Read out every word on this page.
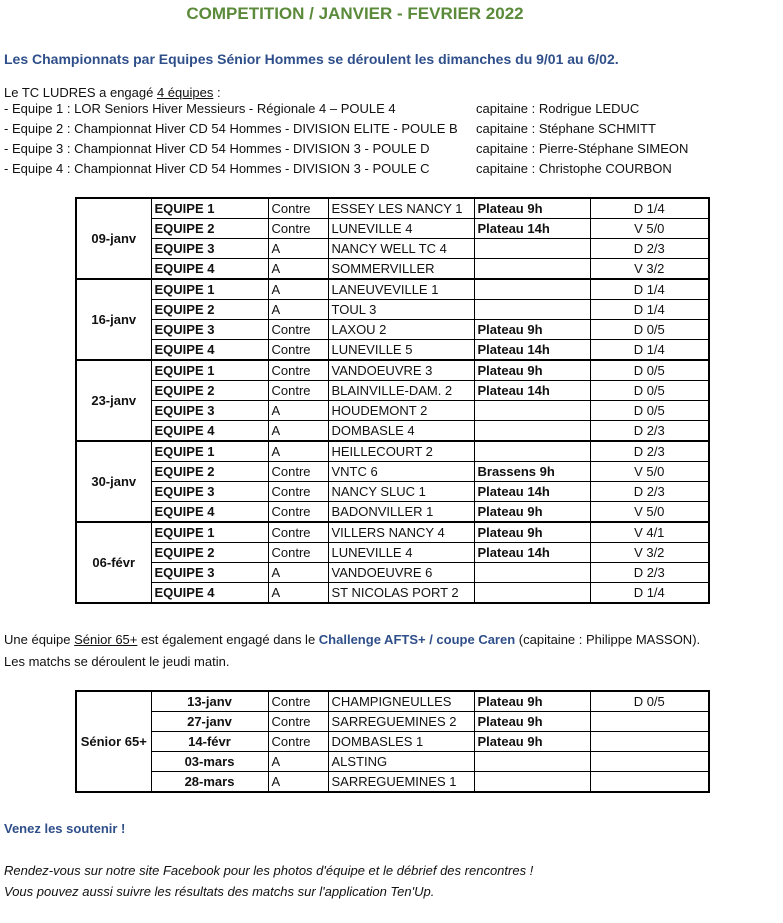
COMPETITION / JANVIER - FEVRIER 2022
Les Championnats par Equipes Sénior Hommes se déroulent les dimanches du 9/01 au 6/02.
Le TC LUDRES a engagé 4 équipes :
- Equipe 1 : LOR Seniors Hiver Messieurs - Régionale 4 – POULE 4	capitaine : Rodrigue LEDUC
- Equipe 2 : Championnat Hiver CD 54 Hommes - DIVISION ELITE - POULE B capitaine : Stéphane SCHMITT
- Equipe 3 : Championnat Hiver CD 54 Hommes - DIVISION 3 - POULE D	capitaine : Pierre-Stéphane SIMEON
- Equipe 4 : Championnat Hiver CD 54 Hommes - DIVISION 3 - POULE C	capitaine : Christophe COURBON
09-janv	EQUIPE 1	Contre	ESSEY LES NANCY 1	Plateau 9h	D 1/4
	EQUIPE 2	Contre	LUNEVILLE 4	Plateau 14h	V 5/0
	EQUIPE 3	A	NANCY WELL TC 4		D 2/3
	EQUIPE 4	A	SOMMERVILLER		V 3/2
16-janv	EQUIPE 1	A	LANEUVEVILLE 1		D 1/4
	EQUIPE 2	A	TOUL 3		D 1/4
	EQUIPE 3	Contre	LAXOU 2	Plateau 9h	D 0/5
	EQUIPE 4	Contre	LUNEVILLE 5	Plateau 14h	D 1/4
23-janv	EQUIPE 1	Contre	VANDOEUVRE 3	Plateau 9h	D 0/5
	EQUIPE 2	Contre	BLAINVILLE-DAM. 2	Plateau 14h	D 0/5
	EQUIPE 3	A	HOUDEMONT 2		D 0/5
	EQUIPE 4	A	DOMBASLE 4		D 2/3
30-janv	EQUIPE 1	A	HEILLECOURT 2		D 2/3
	EQUIPE 2	Contre	VNTC 6	Brassens 9h	V 5/0
	EQUIPE 3	Contre	NANCY SLUC 1	Plateau 14h	D 2/3
	EQUIPE 4	Contre	BADONVILLER 1	Plateau 9h	V 5/0
06-févr	EQUIPE 1	Contre	VILLERS NANCY 4	Plateau 9h	V 4/1
	EQUIPE 2	Contre	LUNEVILLE 4	Plateau 14h	V 3/2
	EQUIPE 3	A	VANDOEUVRE 6		D 2/3
	EQUIPE 4	A	ST NICOLAS PORT 2		D 1/4
Une équipe Sénior 65+ est également engagé dans le Challenge AFTS+ / coupe Caren (capitaine : Philippe MASSON).
Les matchs se déroulent le jeudi matin.
Sénior 65+	13-janv	Contre	CHAMPIGNEULLES	Plateau 9h	D 0/5
	27-janv	Contre	SARREGUEMINES 2	Plateau 9h	
	14-févr	Contre	DOMBASLES 1	Plateau 9h	
	03-mars	A	ALSTING		
	28-mars	A	SARREGUEMINES 1		
Venez les soutenir !
Rendez-vous sur notre site Facebook pour les photos d'équipe et le débrief des rencontres !
Vous pouvez aussi suivre les résultats des matchs sur l'application Ten'Up.
